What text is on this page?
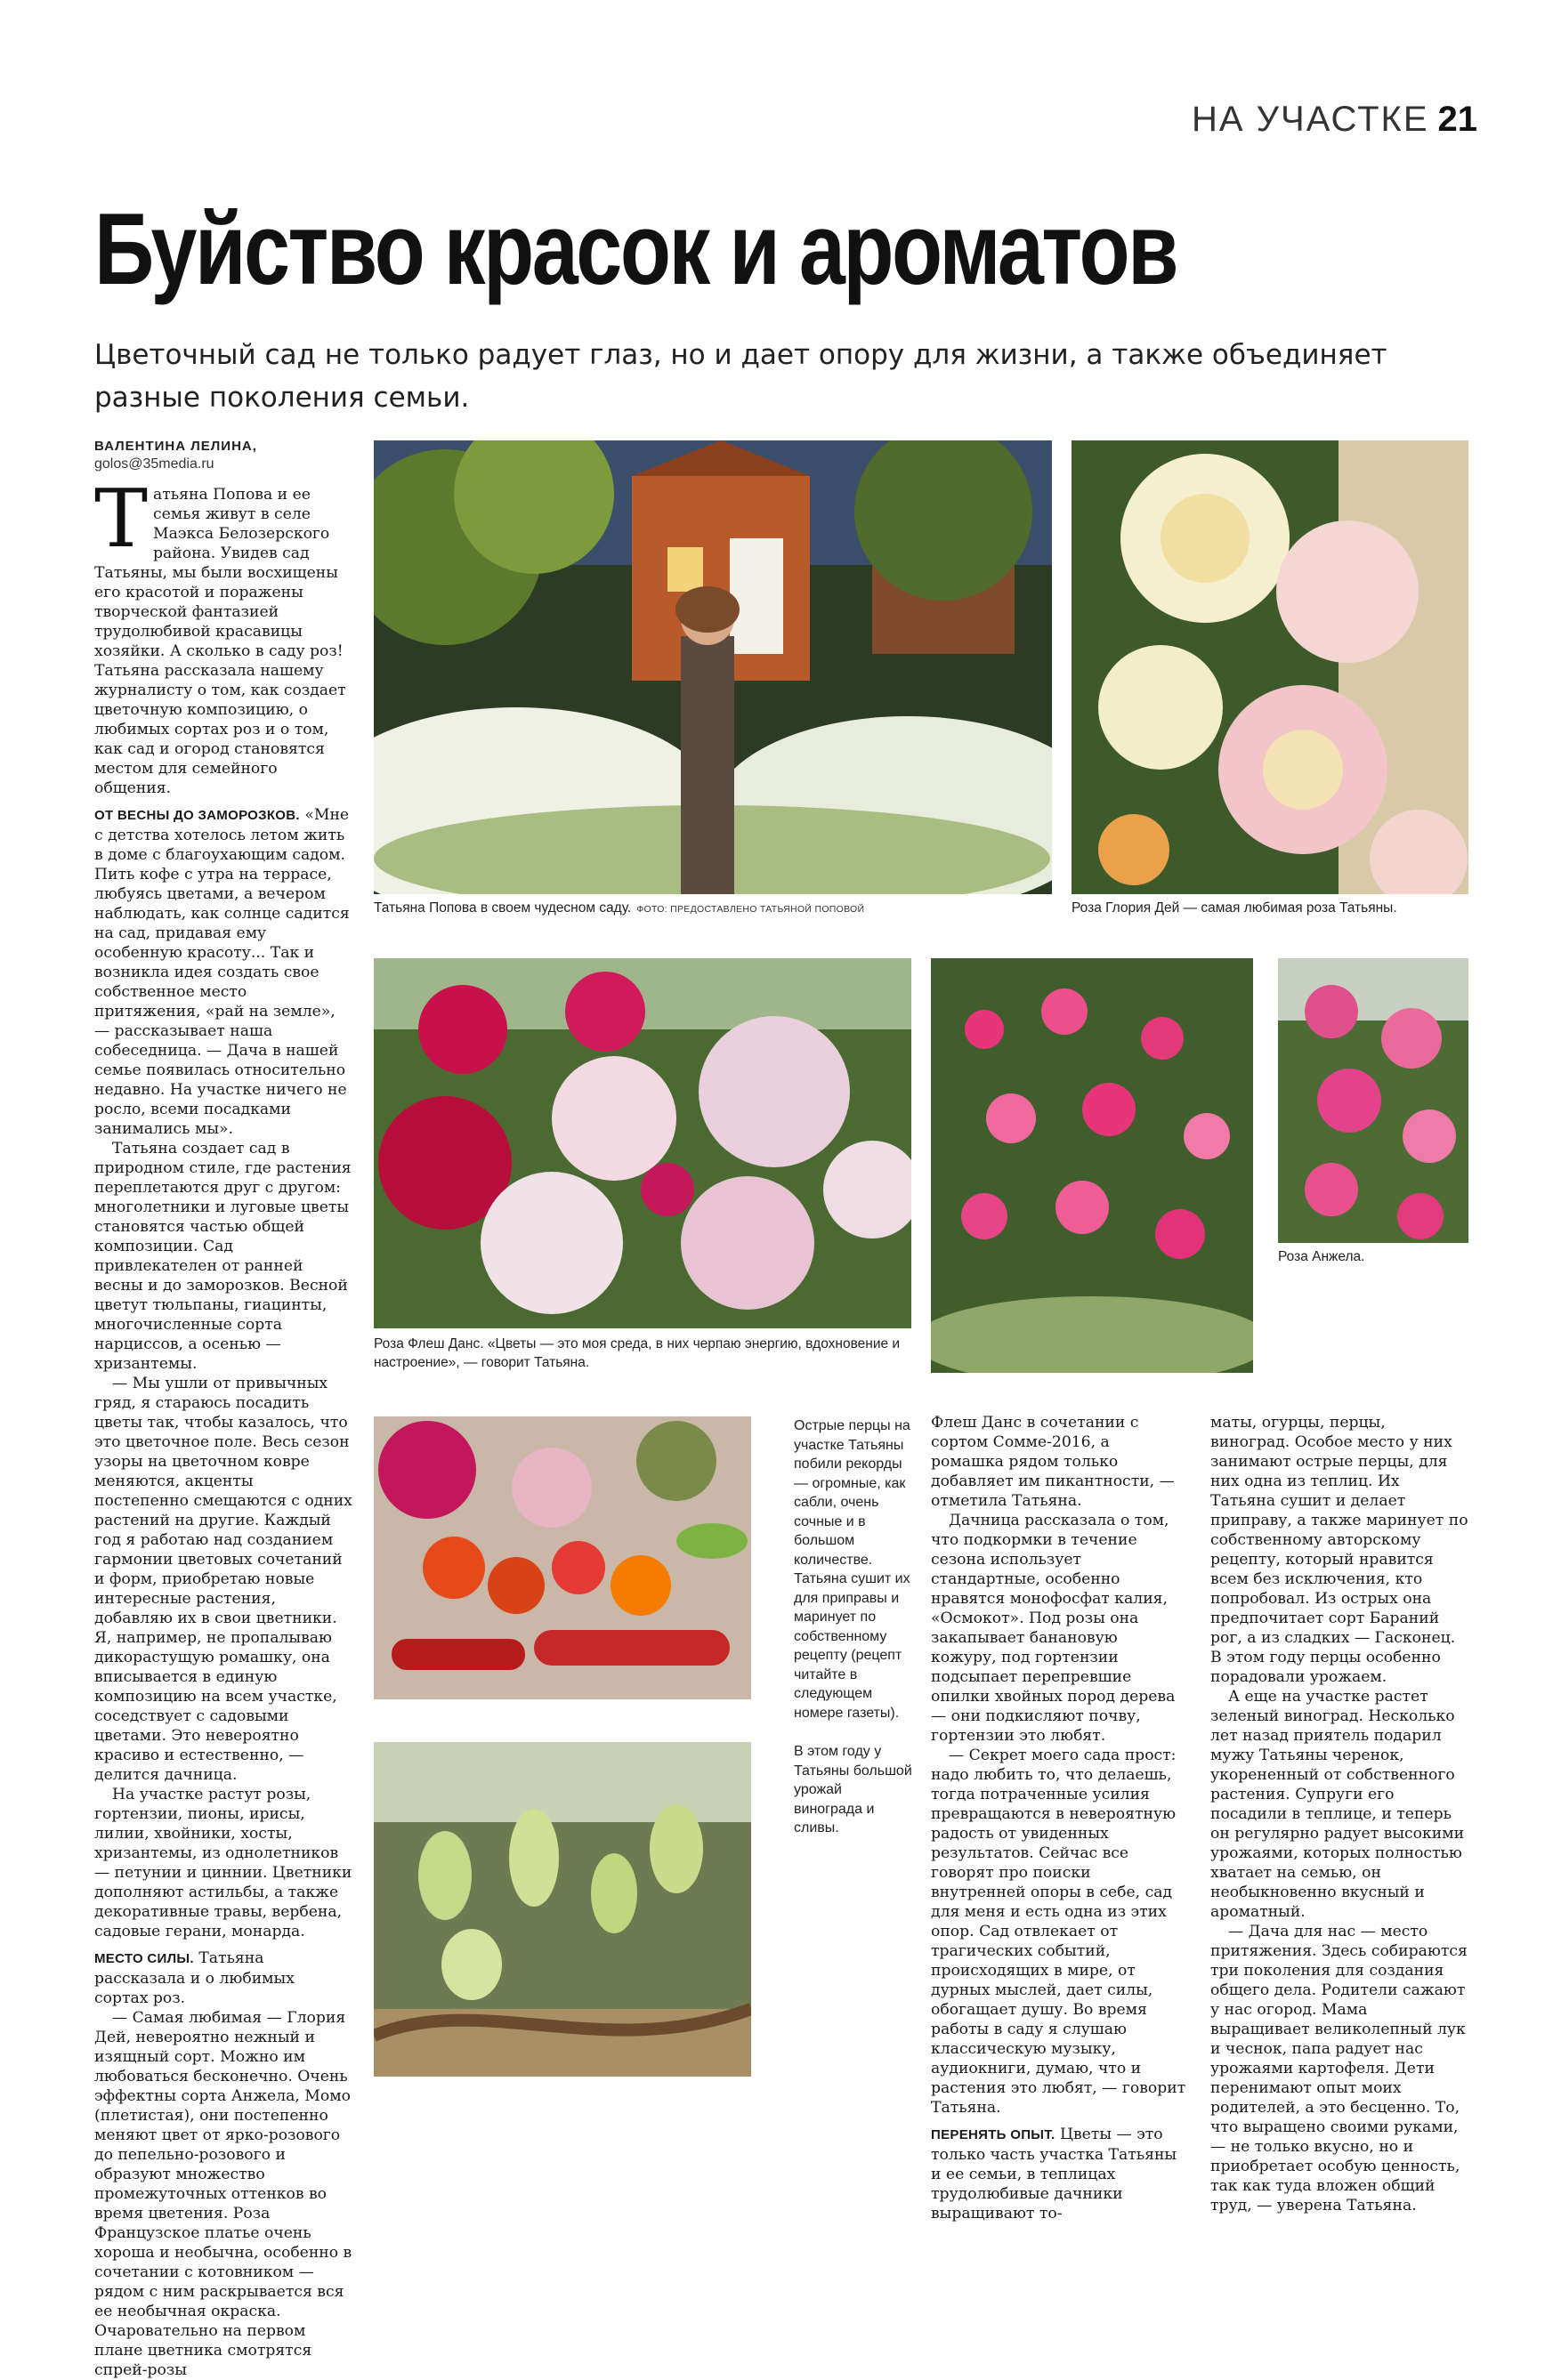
НА УЧАСТКЕ 21
Буйство красок и ароматов
Цветочный сад не только радует глаз, но и дает опору для жизни, а также объединяет разные поколения семьи.
ВАЛЕНТИНА ЛЕЛИНА,
golos@35media.ru

Татьяна Попова и ее семья живут в селе Маэкса Белозерского района. Увидев сад Татьяны, мы были восхищены его красотой и поражены творческой фантазией трудолюбивой красавицы хозяйки. А сколько в саду роз! Татьяна рассказала нашему журналисту о том, как создает цветочную композицию, о любимых сортах роз и о том, как сад и огород становятся местом для семейного общения.

ОТ ВЕСНЫ ДО ЗАМОРОЗКОВ. «Мне с детства хотелось летом жить в доме с благоухающим садом. Пить кофе с утра на террасе, любуясь цветами, а вечером наблюдать, как солнце садится на сад, придавая ему особенную красоту... Так и возникла идея создать свое собственное место притяжения, «рай на земле», — рассказывает наша собеседница. — Дача в нашей семье появилась относительно недавно. На участке ничего не росло, всеми посадками занимались мы».

Татьяна создает сад в природном стиле, где растения переплетаются друг с другом: многолетники и луговые цветы становятся частью общей композиции. Сад привлекателен от ранней весны и до заморозков. Весной цветут тюльпаны, гиацинты, многочисленные сорта нарциссов, а осенью — хризантемы.

— Мы ушли от привычных гряд, я стараюсь посадить цветы так, чтобы казалось, что это цветочное поле. Весь сезон узоры на цветочном ковре меняются, акценты постепенно смещаются с одних растений на другие. Каждый год я работаю над созданием гармонии цветовых сочетаний и форм, приобретаю новые интересные растения, добавляю их в свои цветники. Я, например, не пропалываю дикорастущую ромашку, она вписывается в единую композицию на всем участке, соседствует с садовыми цветами. Это невероятно красиво и естественно, — делится дачница.

На участке растут розы, гортензии, пионы, ирисы, лилии, хвойники, хосты, хризантемы, из однолетников — петунии и циннии. Цветники дополняют астильбы, а также декоративные травы, вербена, садовые герани, монарда.

МЕСТО СИЛЫ. Татьяна рассказала и о любимых сортах роз.

— Самая любимая — Глория Дей, невероятно нежный и изящный сорт. Можно им любоваться бесконечно. Очень эффектны сорта Анжела, Момо (плетистая), они постепенно меняют цвет от ярко-розового до пепельно-розового и образуют множество промежуточных оттенков во время цветения. Роза Французское платье очень хороша и необычна, особенно в сочетании с котовником — рядом с ним раскрывается вся ее необычная окраска. Очаровательно на первом плане цветника смотрятся спрей-розы

Татьяна Попова в своем чудесном саду. ФОТО: ПРЕДОСТАВЛЕНО ТАТЬЯНОЙ ПОПОВОЙ	Роза Глория Дей — самая любимая роза Татьяны.
Роза Флеш Данс. «Цветы — это моя среда, в них черпаю энергию, вдохновение и настроение», — говорит Татьяна.
Роза Анжела.
Острые перцы на участке Татьяны побили рекорды — огромные, как сабли, очень сочные и в большом количестве. Татьяна сушит их для приправы и маринует по собственному рецепту (рецепт читайте в следующем номере газеты).
В этом году у Татьяны большой урожай винограда и сливы.

Флеш Данс в сочетании с сортом Сомме-2016, а ромашка рядом только добавляет им пикантности, — отметила Татьяна.

Дачница рассказала о том, что подкормки в течение сезона использует стандартные, особенно нравятся монофосфат калия, «Осмокот». Под розы она закапывает банановую кожуру, под гортензии подсыпает перепревшие опилки хвойных пород дерева — они подкисляют почву, гортензии это любят.

— Секрет моего сада прост: надо любить то, что делаешь, тогда потраченные усилия превращаются в невероятную радость от увиденных результатов. Сейчас все говорят про поиски внутренней опоры в себе, сад для меня и есть одна из этих опор. Сад отвлекает от трагических событий, происходящих в мире, от дурных мыслей, дает силы, обогащает душу. Во время работы в саду я слушаю классическую музыку, аудиокниги, думаю, что и растения это любят, — говорит Татьяна.

ПЕРЕНЯТЬ ОПЫТ. Цветы — это только часть участка Татьяны и ее семьи, в теплицах трудолюбивые дачники выращивают то-

маты, огурцы, перцы, виноград. Особое место у них занимают острые перцы, для них одна из теплиц. Их Татьяна сушит и делает приправу, а также маринует по собственному авторскому рецепту, который нравится всем без исключения, кто попробовал. Из острых она предпочитает сорт Бараний рог, а из сладких — Гасконец. В этом году перцы особенно порадовали урожаем.

А еще на участке растет зеленый виноград. Несколько лет назад приятель подарил мужу Татьяны черенок, укорененный от собственного растения. Супруги его посадили в теплице, и теперь он регулярно радует высокими урожаями, которых полностью хватает на семью, он необыкновенно вкусный и ароматный.

— Дача для нас — место притяжения. Здесь собираются три поколения для создания общего дела. Родители сажают у нас огород. Мама выращивает великолепный лук и чеснок, папа радует нас урожаями картофеля. Дети перенимают опыт моих родителей, а это бесценно. То, что выращено своими руками, — не только вкусно, но и приобретает особую ценность, так как туда вложен общий труд, — уверена Татьяна.
